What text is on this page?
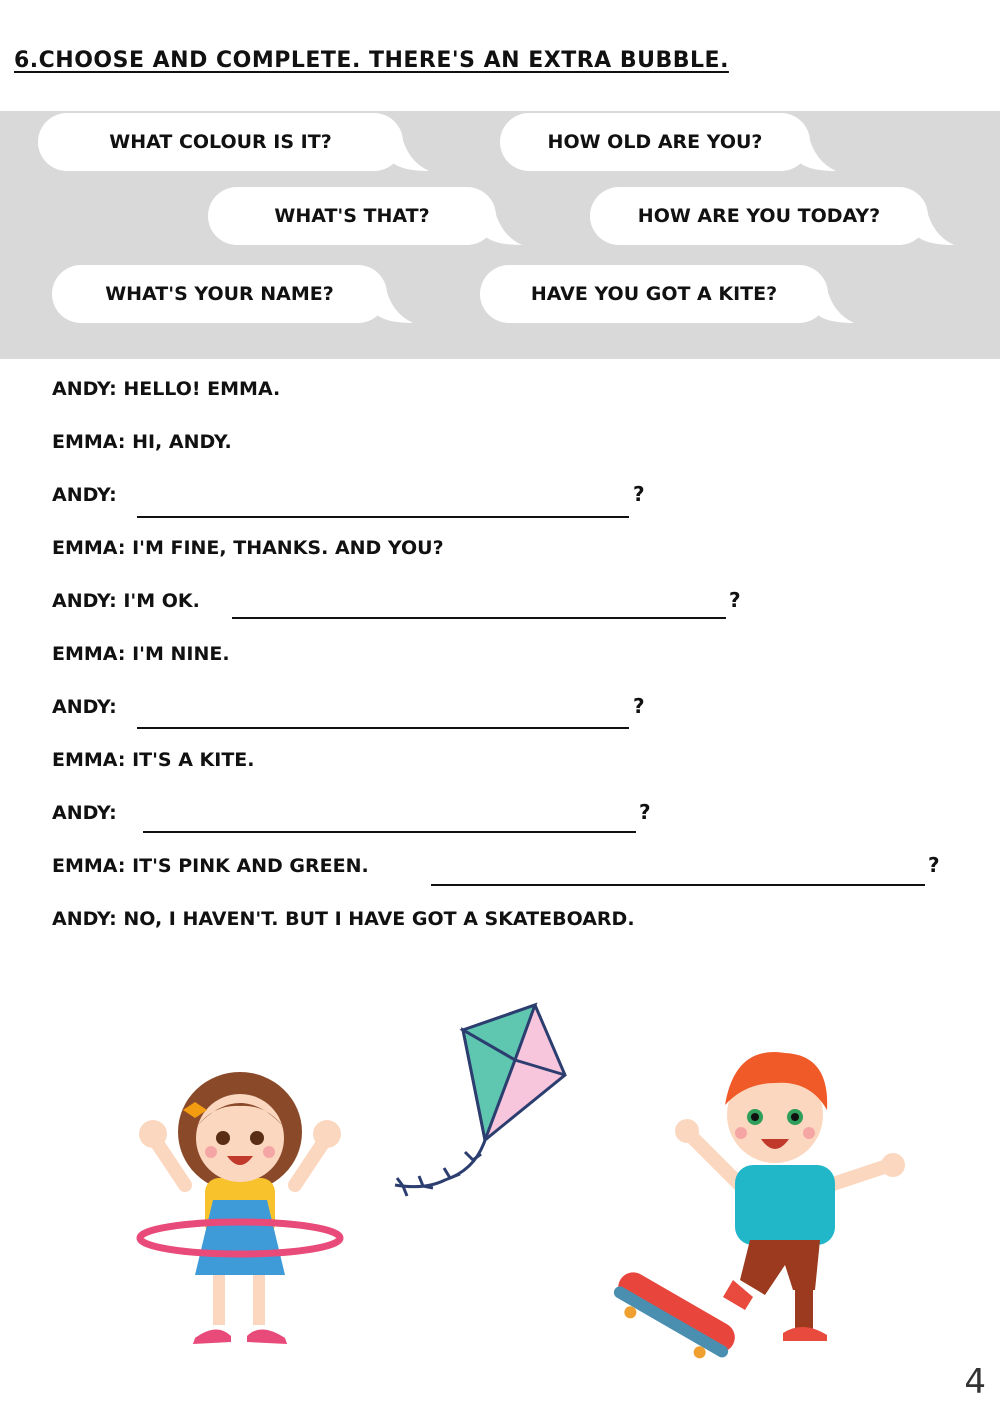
6.CHOOSE AND COMPLETE. THERE'S AN EXTRA BUBBLE.
WHAT COLOUR IS IT?	HOW OLD ARE YOU?
WHAT'S THAT?	HOW ARE YOU TODAY?
WHAT'S YOUR NAME?	HAVE YOU GOT A KITE?
ANDY: HELLO! EMMA.
EMMA: HI, ANDY.
ANDY:	?
EMMA: I'M FINE, THANKS. AND YOU?
ANDY: I'M OK.	?
EMMA: I'M NINE.
ANDY:	?
EMMA: IT'S A KITE.
ANDY:	?
EMMA: IT'S PINK AND GREEN.	?
ANDY: NO, I HAVEN'T. BUT I HAVE GOT A SKATEBOARD.
4
